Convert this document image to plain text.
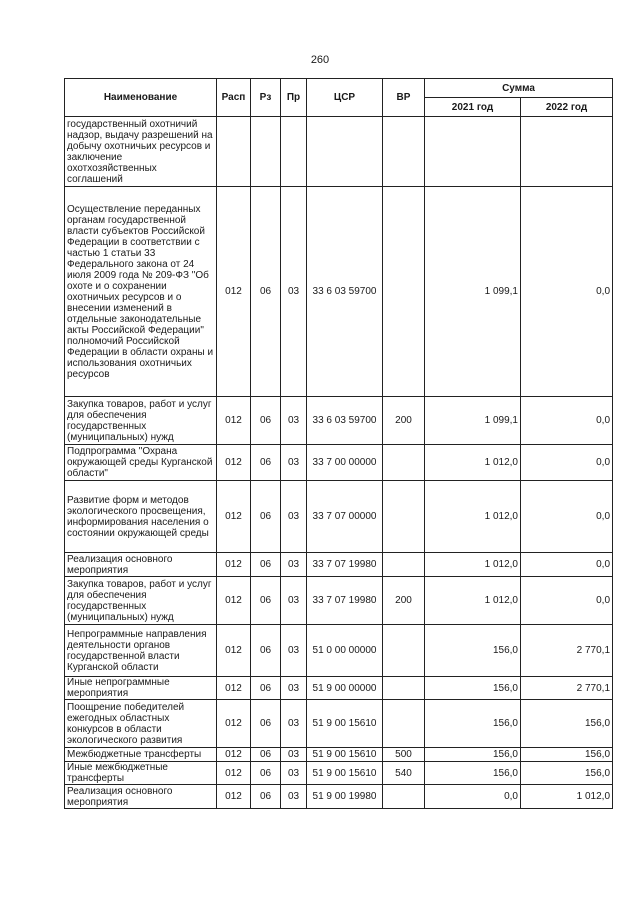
260
Наименование	Расп	Рз	Пр	ЦСР	ВР	Сумма	
						2021 год	2022 год
государственный охотничий надзор, выдачу разрешений на добычу охотничьих ресурсов и заключение охотхозяйственных соглашений							
Осуществление переданных органам государственной власти субъектов Российской Федерации в соответствии с частью 1 статьи 33 Федерального закона от 24 июля 2009 года № 209-ФЗ "Об охоте и о сохранении охотничьих ресурсов и о внесении изменений в отдельные законодательные акты Российской Федерации" полномочий Российской Федерации в области охраны и использования охотничьих ресурсов	012	06	03	33 6 03 59700		1 099,1	0,0
Закупка товаров, работ и услуг для обеспечения государственных (муниципальных) нужд	012	06	03	33 6 03 59700	200	1 099,1	0,0
Подпрограмма "Охрана окружающей среды Курганской области"	012	06	03	33 7 00 00000		1 012,0	0,0
Развитие форм и методов экологического просвещения, информирования населения о состоянии окружающей среды	012	06	03	33 7 07 00000		1 012,0	0,0
Реализация основного мероприятия	012	06	03	33 7 07 19980		1 012,0	0,0
Закупка товаров, работ и услуг для обеспечения государственных (муниципальных) нужд	012	06	03	33 7 07 19980	200	1 012,0	0,0
Непрограммные направления деятельности органов государственной власти Курганской области	012	06	03	51 0 00 00000		156,0	2 770,1
Иные непрограммные мероприятия	012	06	03	51 9 00 00000		156,0	2 770,1
Поощрение победителей ежегодных областных конкурсов в области экологического развития	012	06	03	51 9 00 15610		156,0	156,0
Межбюджетные трансферты	012	06	03	51 9 00 15610	500	156,0	156,0
Иные межбюджетные трансферты	012	06	03	51 9 00 15610	540	156,0	156,0
Реализация основного мероприятия	012	06	03	51 9 00 19980		0,0	1 012,0
